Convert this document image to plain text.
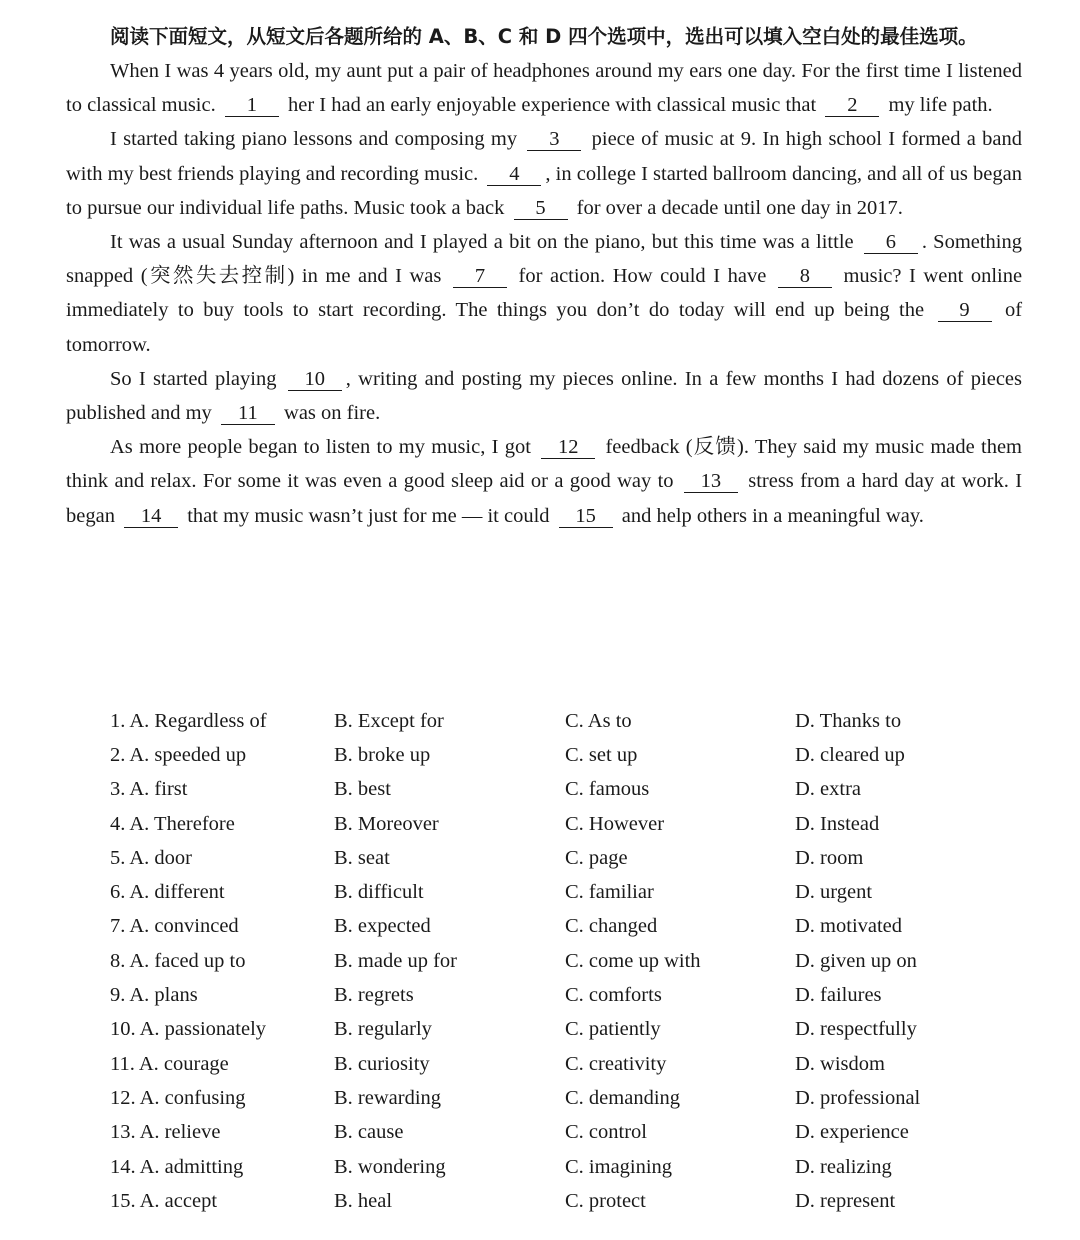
阅读下面短文，从短文后各题所给的 A、B、C 和 D 四个选项中，选出可以填入空白处的最佳选项。

When I was 4 years old, my aunt put a pair of headphones around my ears one day. For the first time I listened to classical music. 1 her I had an early enjoyable experience with classical music that 2 my life path.

I started taking piano lessons and composing my 3 piece of music at 9. In high school I formed a band with my best friends playing and recording music. 4 , in college I started ballroom dancing, and all of us began to pursue our individual life paths. Music took a back 5 for over a decade until one day in 2017.

It was a usual Sunday afternoon and I played a bit on the piano, but this time was a little 6 . Something snapped (突然失去控制) in me and I was 7 for action. How could I have 8 music? I went online immediately to buy tools to start recording. The things you don’t do today will end up being the 9 of tomorrow.

So I started playing 10 , writing and posting my pieces online. In a few months I had dozens of pieces published and my 11 was on fire.

As more people began to listen to my music, I got 12 feedback (反馈). They said my music made them think and relax. For some it was even a good sleep aid or a good way to 13 stress from a hard day at work. I began 14 that my music wasn’t just for me — it could 15 and help others in a meaningful way.

1. A. Regardless of	B. Except for	C. As to	D. Thanks to
2. A. speeded up	B. broke up	C. set up	D. cleared up
3. A. first	B. best	C. famous	D. extra
4. A. Therefore	B. Moreover	C. However	D. Instead
5. A. door	B. seat	C. page	D. room
6. A. different	B. difficult	C. familiar	D. urgent
7. A. convinced	B. expected	C. changed	D. motivated
8. A. faced up to	B. made up for	C. come up with	D. given up on
9. A. plans	B. regrets	C. comforts	D. failures
10. A. passionately	B. regularly	C. patiently	D. respectfully
11. A. courage	B. curiosity	C. creativity	D. wisdom
12. A. confusing	B. rewarding	C. demanding	D. professional
13. A. relieve	B. cause	C. control	D. experience
14. A. admitting	B. wondering	C. imagining	D. realizing
15. A. accept	B. heal	C. protect	D. represent
